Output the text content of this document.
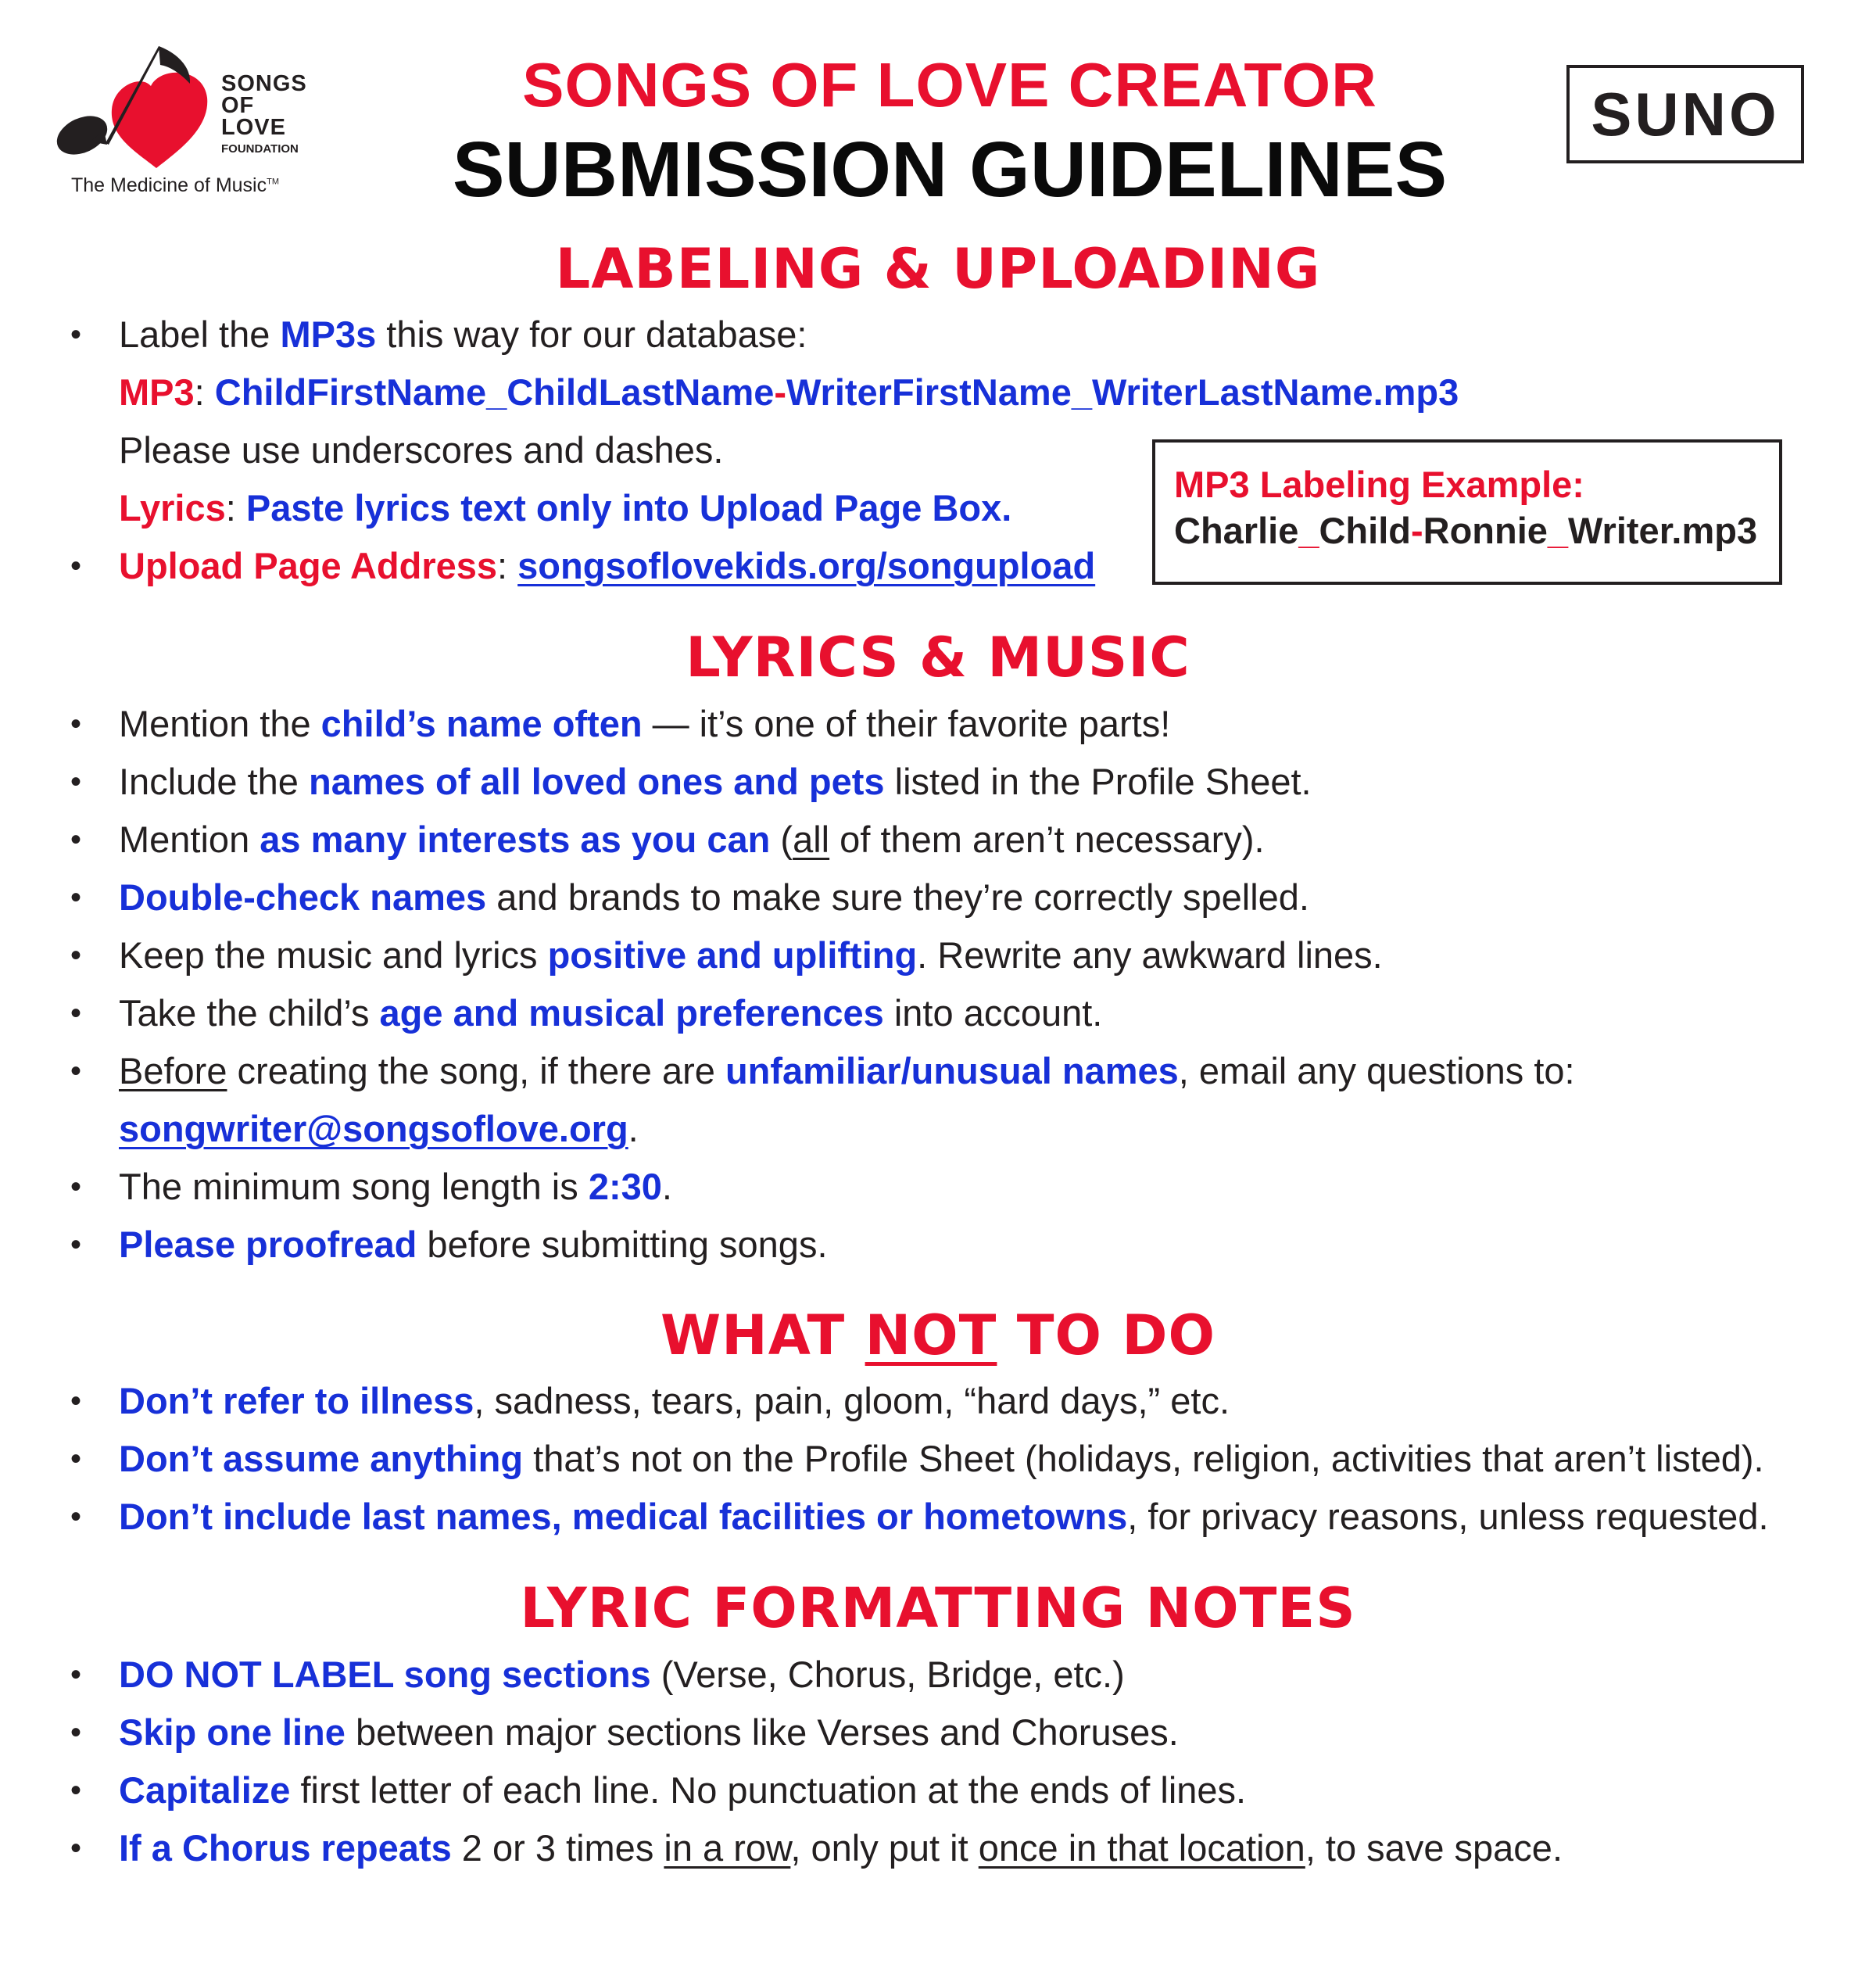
SONGS
OF
LOVE
FOUNDATION
The Medicine of Music™
SONGS OF LOVE CREATOR
SUBMISSION GUIDELINES
SUNO
LABELING & UPLOADING
• Label the MP3s this way for our database:
MP3: ChildFirstName_ChildLastName-WriterFirstName_WriterLastName.mp3
Please use underscores and dashes.
Lyrics: Paste lyrics text only into Upload Page Box.
• Upload Page Address: songsoflovekids.org/songupload
MP3 Labeling Example:
Charlie_Child-Ronnie_Writer.mp3
LYRICS & MUSIC
• Mention the child’s name often — it’s one of their favorite parts!
• Include the names of all loved ones and pets listed in the Profile Sheet.
• Mention as many interests as you can (all of them aren’t necessary).
• Double-check names and brands to make sure they’re correctly spelled.
• Keep the music and lyrics positive and uplifting. Rewrite any awkward lines.
• Take the child’s age and musical preferences into account.
• Before creating the song, if there are unfamiliar/unusual names, email any questions to:
songwriter@songsoflove.org.
• The minimum song length is 2:30.
• Please proofread before submitting songs.
WHAT NOT TO DO
• Don’t refer to illness, sadness, tears, pain, gloom, “hard days,” etc.
• Don’t assume anything that’s not on the Profile Sheet (holidays, religion, activities that aren’t listed).
• Don’t include last names, medical facilities or hometowns, for privacy reasons, unless requested.
LYRIC FORMATTING NOTES
• DO NOT LABEL song sections (Verse, Chorus, Bridge, etc.)
• Skip one line between major sections like Verses and Choruses.
• Capitalize first letter of each line. No punctuation at the ends of lines.
• If a Chorus repeats 2 or 3 times in a row, only put it once in that location, to save space.
